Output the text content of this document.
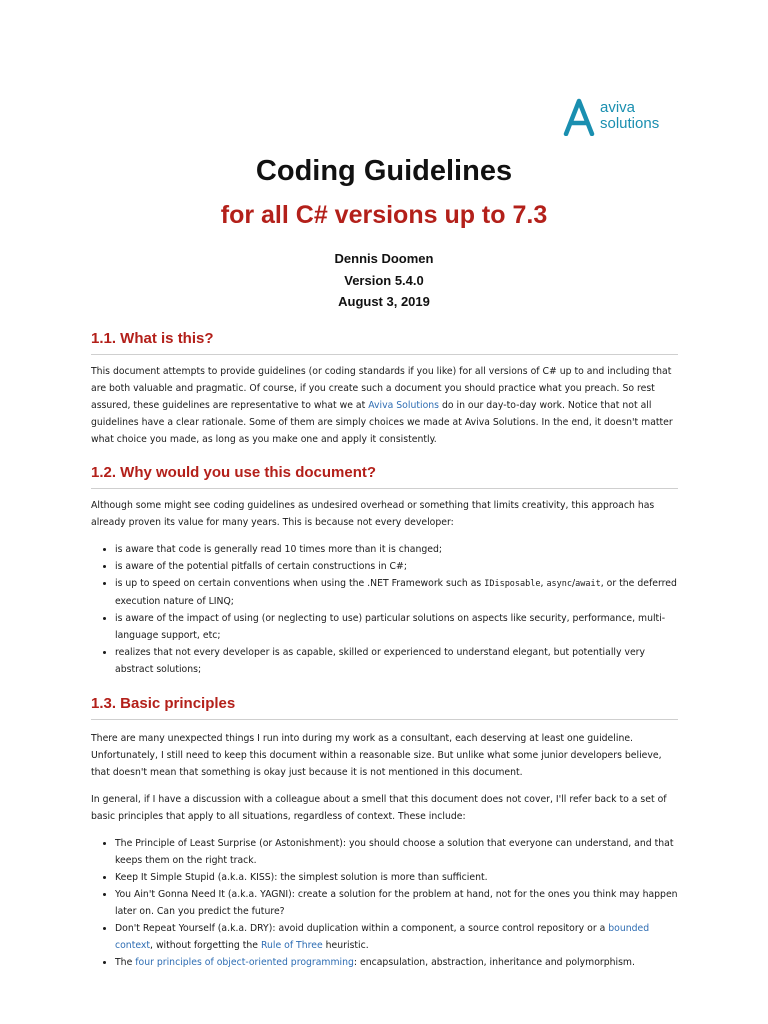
aviva
solutions
Coding Guidelines
for all C# versions up to 7.3
Dennis Doomen
Version 5.4.0
August 3, 2019
1.1. What is this?

This document attempts to provide guidelines (or coding standards if you like) for all versions of C# up to and including that are both valuable and pragmatic. Of course, if you create such a document you should practice what you preach. So rest assured, these guidelines are representative to what we at Aviva Solutions do in our day-to-day work. Notice that not all guidelines have a clear rationale. Some of them are simply choices we made at Aviva Solutions. In the end, it doesn't matter what choice you made, as long as you make one and apply it consistently.

1.2. Why would you use this document?

Although some might see coding guidelines as undesired overhead or something that limits creativity, this approach has already proven its value for many years. This is because not every developer:

• is aware that code is generally read 10 times more than it is changed;
• is aware of the potential pitfalls of certain constructions in C#;
• is up to speed on certain conventions when using the .NET Framework such as IDisposable, async/await, or the deferred execution nature of LINQ;
• is aware of the impact of using (or neglecting to use) particular solutions on aspects like security, performance, multi-language support, etc;
• realizes that not every developer is as capable, skilled or experienced to understand elegant, but potentially very abstract solutions;
1.3. Basic principles

There are many unexpected things I run into during my work as a consultant, each deserving at least one guideline. Unfortunately, I still need to keep this document within a reasonable size. But unlike what some junior developers believe, that doesn't mean that something is okay just because it is not mentioned in this document.

In general, if I have a discussion with a colleague about a smell that this document does not cover, I'll refer back to a set of basic principles that apply to all situations, regardless of context. These include:

• The Principle of Least Surprise (or Astonishment): you should choose a solution that everyone can understand, and that keeps them on the right track.
• Keep It Simple Stupid (a.k.a. KISS): the simplest solution is more than sufficient.
• You Ain't Gonna Need It (a.k.a. YAGNI): create a solution for the problem at hand, not for the ones you think may happen later on. Can you predict the future?
• Don't Repeat Yourself (a.k.a. DRY): avoid duplication within a component, a source control repository or a bounded context, without forgetting the Rule of Three heuristic.
• The four principles of object-oriented programming: encapsulation, abstraction, inheritance and polymorphism.
